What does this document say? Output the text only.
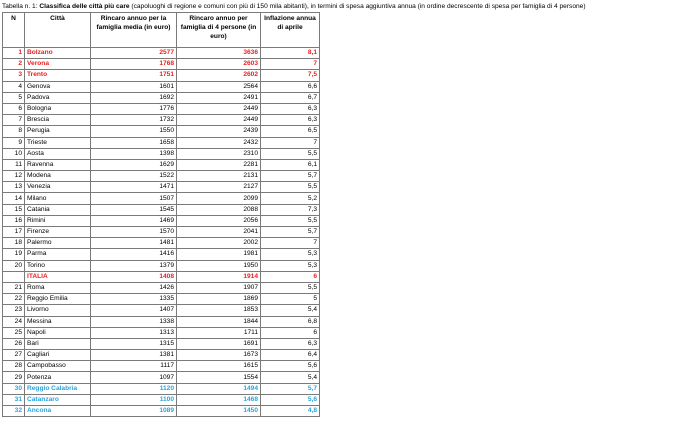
Tabella n. 1: Classifica delle città più care (capoluoghi di regione e comuni con più di 150 mila abitanti), in termini di spesa aggiuntiva annua (in ordine decrescente di spesa per famiglia di 4 persone)
N	Città	Rincaro annuo per la famiglia media (in euro)	Rincaro annuo per famiglia di 4 persone (in euro)	Inflazione annua di aprile
1	Bolzano	2577	3636	8,1
2	Verona	1768	2603	7
3	Trento	1751	2602	7,5
4	Genova	1601	2564	6,6
5	Padova	1692	2491	6,7
6	Bologna	1776	2449	6,3
7	Brescia	1732	2449	6,3
8	Perugia	1550	2439	6,5
9	Trieste	1658	2432	7
10	Aosta	1398	2310	5,5
11	Ravenna	1629	2281	6,1
12	Modena	1522	2131	5,7
13	Venezia	1471	2127	5,5
14	Milano	1507	2099	5,2
15	Catania	1545	2088	7,3
16	Rimini	1469	2056	5,5
17	Firenze	1570	2041	5,7
18	Palermo	1481	2002	7
19	Parma	1416	1981	5,3
20	Torino	1379	1950	5,3
	ITALIA	1408	1914	6
21	Roma	1426	1907	5,5
22	Reggio Emilia	1335	1869	5
23	Livorno	1407	1853	5,4
24	Messina	1338	1844	6,8
25	Napoli	1313	1711	6
26	Bari	1315	1691	6,3
27	Cagliari	1381	1673	6,4
28	Campobasso	1117	1615	5,6
29	Potenza	1097	1554	5,4
30	Reggio Calabria	1120	1494	5,7
31	Catanzaro	1100	1468	5,6
32	Ancona	1089	1450	4,8
